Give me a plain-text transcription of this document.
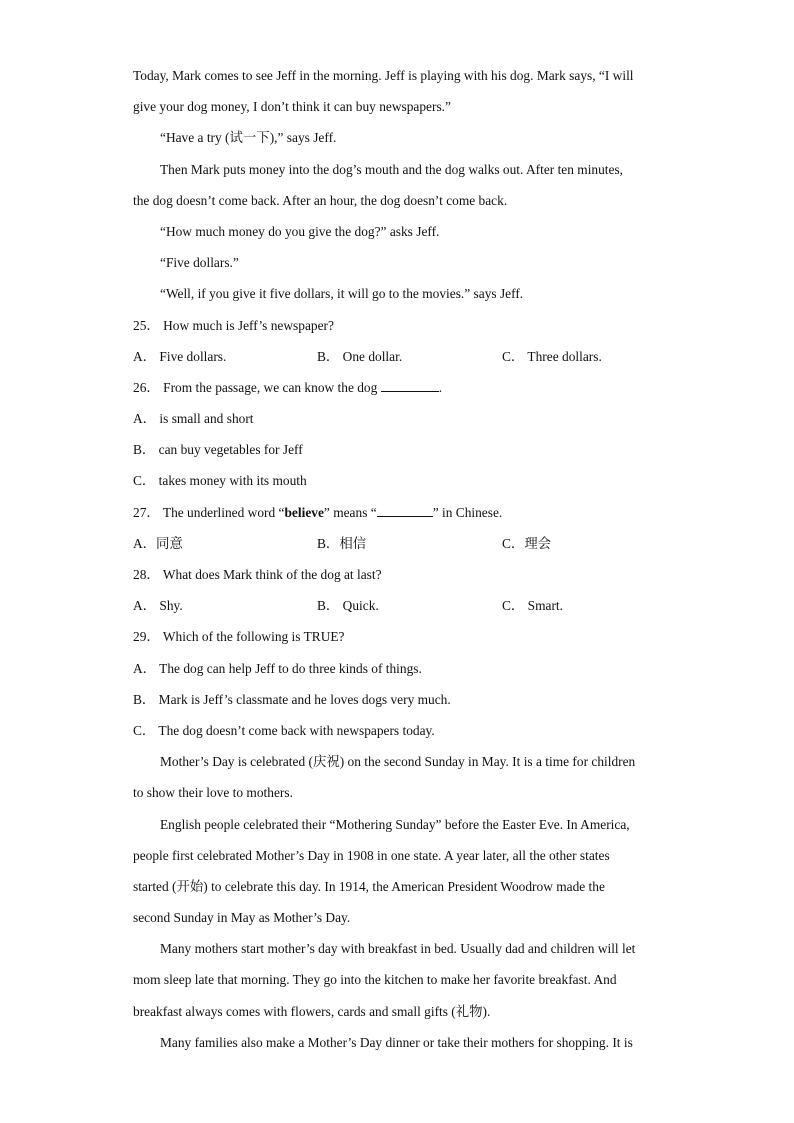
Today, Mark comes to see Jeff in the morning. Jeff is playing with his dog. Mark says, “I will
give your dog money, I don’t think it can buy newspapers.”
“Have a try (试一下),” says Jeff.
Then Mark puts money into the dog’s mouth and the dog walks out. After ten minutes,
the dog doesn’t come back. After an hour, the dog doesn’t come back.
“How much money do you give the dog?” asks Jeff.
“Five dollars.”
“Well, if you give it five dollars, it will go to the movies.” says Jeff.
25． How much is Jeff’s newspaper?
A． Five dollars.	B． One dollar.	C． Three dollars.
26． From the passage, we can know the dog	.
A． is small and short
B． can buy vegetables for Jeff
C． takes money with its mouth
27． The underlined word “believe” means “	” in Chinese.
A．同意	B．相信	C．理会
28． What does Mark think of the dog at last?
A． Shy.	B． Quick.	C． Smart.
29． Which of the following is TRUE?
A． The dog can help Jeff to do three kinds of things.
B． Mark is Jeff’s classmate and he loves dogs very much.
C． The dog doesn’t come back with newspapers today.
Mother’s Day is celebrated (庆祝) on the second Sunday in May. It is a time for children
to show their love to mothers.
English people celebrated their “Mothering Sunday” before the Easter Eve. In America,
people first celebrated Mother’s Day in 1908 in one state. A year later, all the other states
started (开始) to celebrate this day. In 1914, the American President Woodrow made the
second Sunday in May as Mother’s Day.
Many mothers start mother’s day with breakfast in bed. Usually dad and children will let
mom sleep late that morning. They go into the kitchen to make her favorite breakfast. And
breakfast always comes with flowers, cards and small gifts (礼物).
Many families also make a Mother’s Day dinner or take their mothers for shopping. It is
